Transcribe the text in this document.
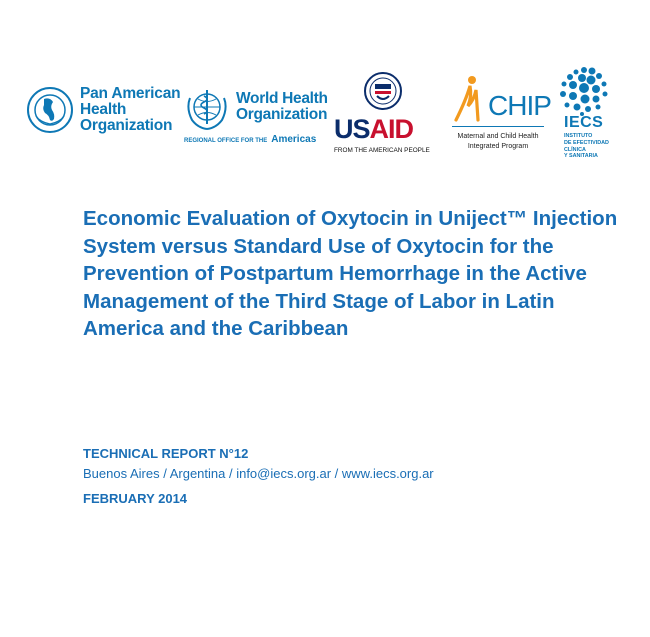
Pan American
Health
Organization
World Health
Organization
REGIONAL OFFICE FOR THE Americas USAID
FROM THE AMERICAN PEOPLE
CHIP
Maternal and Child Health
Integrated Program
IECS
INSTITUTO
DE EFECTIVIDAD
CLÍNICA
Y SANITARIA
Economic Evaluation of Oxytocin in Uniject™ Injection System versus Standard Use of Oxytocin for the Prevention of Postpartum Hemorrhage in the Active Management of the Third Stage of Labor in Latin America and the Caribbean
TECHNICAL REPORT N°12
Buenos Aires / Argentina / info@iecs.org.ar / www.iecs.org.ar
FEBRUARY 2014
